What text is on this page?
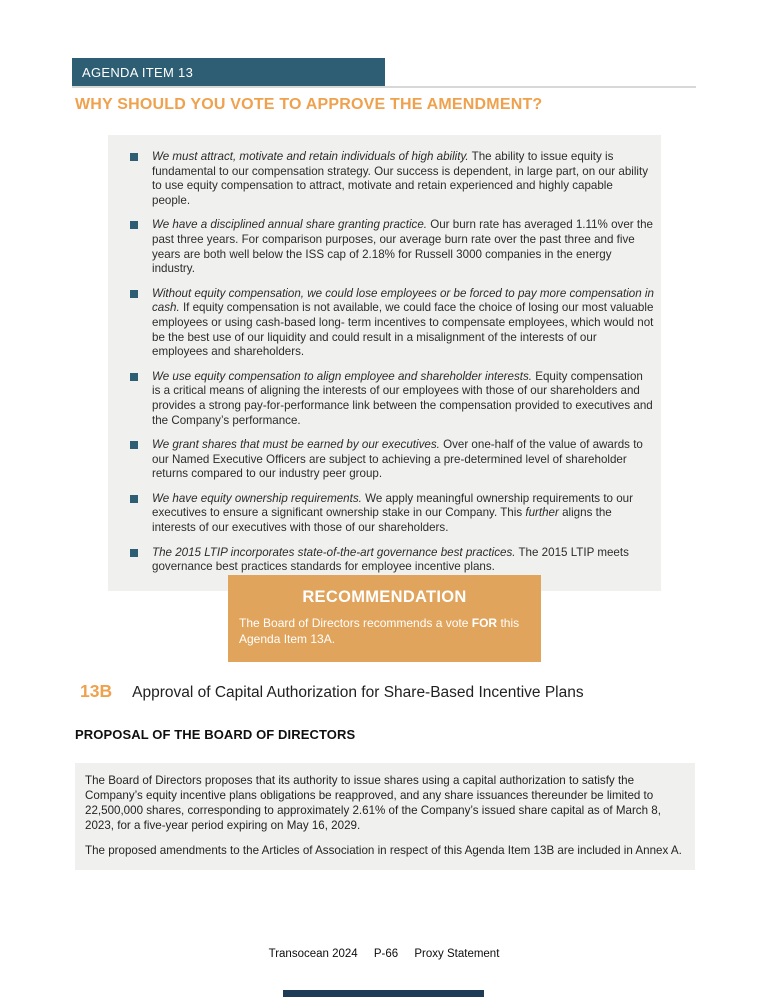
AGENDA ITEM 13
WHY SHOULD YOU VOTE TO APPROVE THE AMENDMENT?
We must attract, motivate and retain individuals of high ability. The ability to issue equity is fundamental to our compensation strategy. Our success is dependent, in large part, on our ability to use equity compensation to attract, motivate and retain experienced and highly capable people.
We have a disciplined annual share granting practice. Our burn rate has averaged 1.11% over the past three years. For comparison purposes, our average burn rate over the past three and five years are both well below the ISS cap of 2.18% for Russell 3000 companies in the energy industry.
Without equity compensation, we could lose employees or be forced to pay more compensation in cash. If equity compensation is not available, we could face the choice of losing our most valuable employees or using cash-based long- term incentives to compensate employees, which would not be the best use of our liquidity and could result in a misalignment of the interests of our employees and shareholders.
We use equity compensation to align employee and shareholder interests. Equity compensation is a critical means of aligning the interests of our employees with those of our shareholders and provides a strong pay-for-performance link between the compensation provided to executives and the Company’s performance.
We grant shares that must be earned by our executives. Over one-half of the value of awards to our Named Executive Officers are subject to achieving a pre-determined level of shareholder returns compared to our industry peer group.
We have equity ownership requirements. We apply meaningful ownership requirements to our executives to ensure a significant ownership stake in our Company. This further aligns the interests of our executives with those of our shareholders.
The 2015 LTIP incorporates state-of-the-art governance best practices. The 2015 LTIP meets governance best practices standards for employee incentive plans.
RECOMMENDATION
The Board of Directors recommends a vote FOR this Agenda Item 13A.
13B Approval of Capital Authorization for Share-Based Incentive Plans
PROPOSAL OF THE BOARD OF DIRECTORS

The Board of Directors proposes that its authority to issue shares using a capital authorization to satisfy the Company’s equity incentive plans obligations be reapproved, and any share issuances thereunder be limited to 22,500,000 shares, corresponding to approximately 2.61% of the Company’s issued share capital as of March 8, 2023, for a five-year period expiring on May 16, 2029.

The proposed amendments to the Articles of Association in respect of this Agenda Item 13B are included in Annex A.

Transocean 2024 P-66 Proxy Statement
